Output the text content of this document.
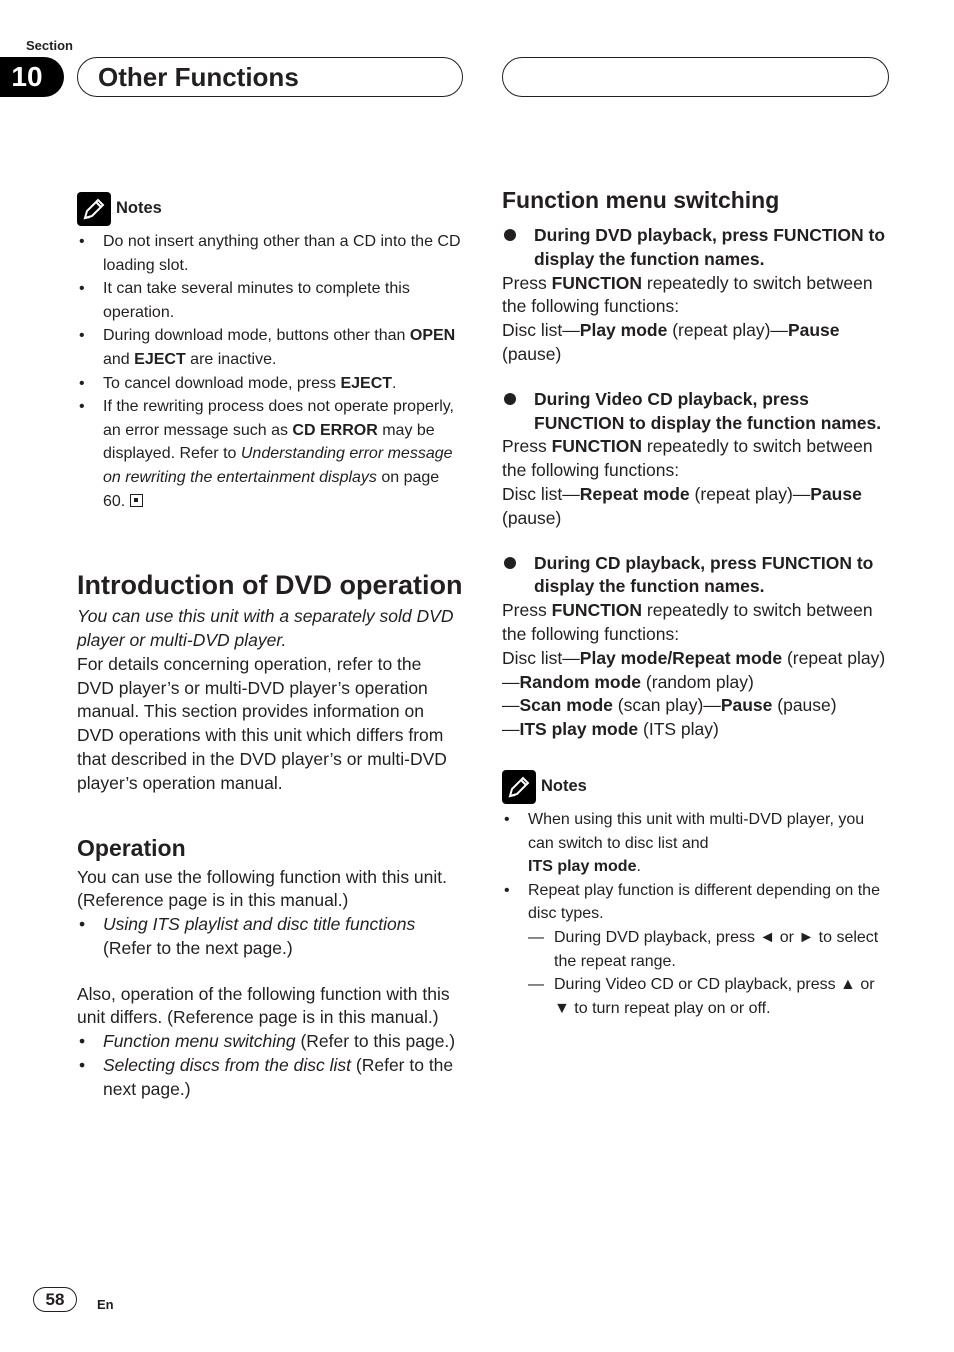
Section
10	Other Functions
Notes
• Do not insert anything other than a CD into the CD loading slot.
• It can take several minutes to complete this operation.
• During download mode, buttons other than OPEN and EJECT are inactive.
• To cancel download mode, press EJECT.
• If the rewriting process does not operate properly, an error message such as CD ERROR may be displayed. Refer to Understanding error message on rewriting the entertainment displays on page 60.
Introduction of DVD operation

You can use this unit with a separately sold DVD player or multi-DVD player.

For details concerning operation, refer to the DVD player’s or multi-DVD player’s operation manual. This section provides information on DVD operations with this unit which differs from that described in the DVD player’s or multi-DVD player’s operation manual.

Operation

You can use the following function with this unit. (Reference page is in this manual.)

• Using ITS playlist and disc title functions (Refer to the next page.)

Also, operation of the following function with this unit differs. (Reference page is in this manual.)

• Function menu switching (Refer to this page.)
• Selecting discs from the disc list (Refer to the next page.)
Function menu switching

During DVD playback, press FUNCTION to display the function names.

Press FUNCTION repeatedly to switch between the following functions:

Disc list—Play mode (repeat play)—Pause (pause)

During Video CD playback, press FUNCTION to display the function names.

Press FUNCTION repeatedly to switch between the following functions:

Disc list—Repeat mode (repeat play)—Pause (pause)

During CD playback, press FUNCTION to display the function names.

Press FUNCTION repeatedly to switch between the following functions:

Disc list—Play mode/Repeat mode (repeat play)—Random mode (random play)
—Scan mode (scan play)—Pause (pause)
—ITS play mode (ITS play)

Notes
• When using this unit with multi-DVD player, you can switch to disc list and
ITS play mode.
• Repeat play function is different depending on the disc types.
— During DVD playback, press ◄ or ► to select the repeat range.
— During Video CD or CD playback, press ▲ or ▼ to turn repeat play on or off.
58	En
